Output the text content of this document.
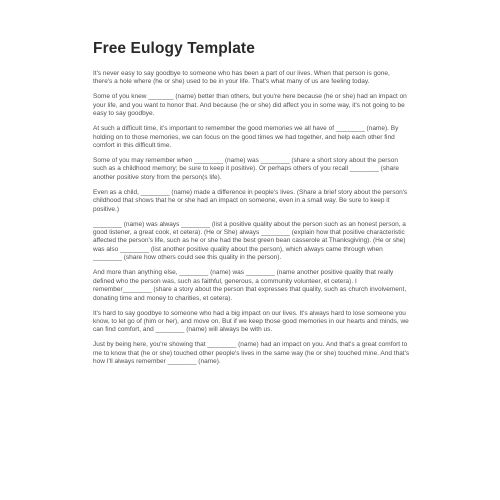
Free Eulogy Template

It's never easy to say goodbye to someone who has been a part of our lives. When that person is gone, there's a hole where (he or she) used to be in your life. That's what many of us are feeling today.

Some of you knew _______ (name) better than others, but you're here because (he or she) had an impact on your life, and you want to honor that. And because (he or she) did affect you in some way, it's not going to be easy to say goodbye.

At such a difficult time, it's important to remember the good memories we all have of ________ (name). By holding on to those memories, we can focus on the good times we had together, and help each other find comfort in this difficult time.

Some of you may remember when ________ (name) was ________ (share a short story about the person such as a childhood memory; be sure to keep it positive). Or perhaps others of you recall ________ (share another positive story from the person(s life).

Even as a child, ________ (name) made a difference in people's lives. (Share a brief story about the person's childhood that shows that he or she had an impact on someone, even in a small way. Be sure to keep it positive.)

________ (name) was always ________ (list a positive quality about the person such as an honest person, a good listener, a great cook, et cetera). (He or She) always ________ (explain how that positive characteristic affected the person's life, such as he or she had the best green bean casserole at Thanksgiving). (He or she) was also ________ (list another positive quality about the person), which always came through when ________ (share how others could see this quality in the person).

And more than anything else, ________ (name) was ________ (name another positive quality that really defined who the person was, such as faithful, generous, a community volunteer, et cetera). I remember________ (share a story about the person that expresses that quality, such as church involvement, donating time and money to charities, et cetera).

It's hard to say goodbye to someone who had a big impact on our lives. It's always hard to lose someone you know, to let go of (him or her), and move on. But if we keep those good memories in our hearts and minds, we can find comfort, and ________ (name) will always be with us.

Just by being here, you're showing that ________ (name) had an impact on you. And that's a great comfort to me to know that (he or she) touched other people's lives in the same way (he or she) touched mine. And that's how I'll always remember ________ (name).
